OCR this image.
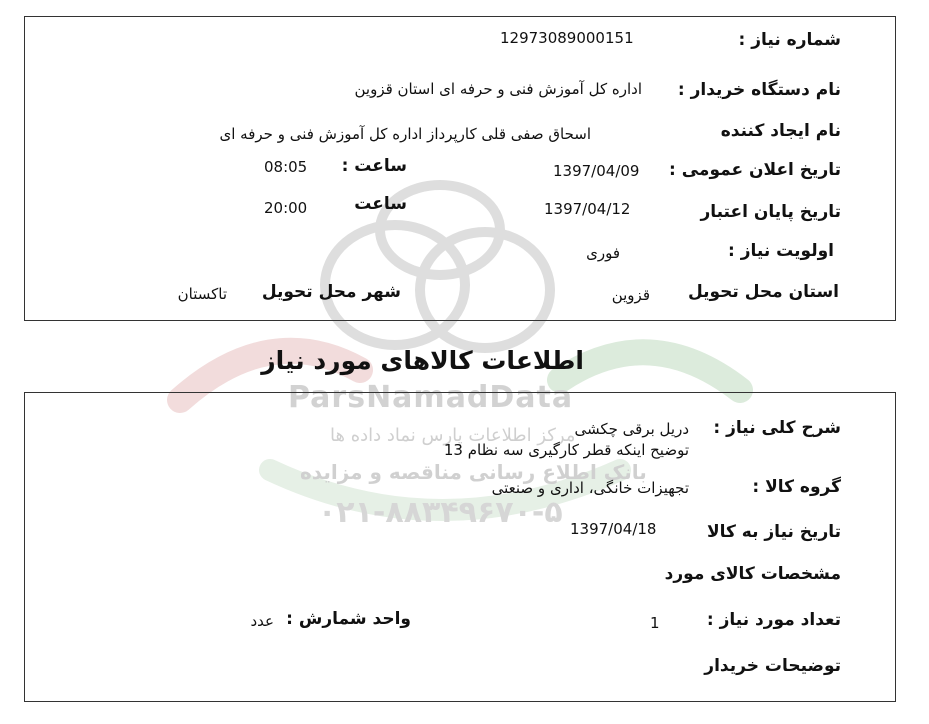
ParsNamadData
مرکز اطلاعات پارس نماد داده ها
بانک اطلاع رسانی مناقصه و مزایده
۰۲۱-۸۸۳۴۹۶۷۰-۵
شماره نیاز :
12973089000151
نام دستگاه خریدار :
اداره کل آموزش فنی و حرفه ای استان قزوین
نام ایجاد کننده
اسحاق صفی قلی کارپرداز اداره کل آموزش فنی و حرفه ای
تاریخ اعلان عمومی :
1397/04/09
ساعت :
08:05
تاریخ پایان اعتبار
1397/04/12
ساعت
20:00
اولویت نیاز :
فوری
استان محل تحویل
قزوین
شهر محل تحویل
تاکستان
اطلاعات کالاهای مورد نیاز
شرح کلی نیاز :
دریل برقی چکشی
توضیح اینکه قطر کارگیری سه نظام 13
گروه کالا :
تجهیزات خانگی، اداری و صنعتی
تاریخ نیاز به کالا
1397/04/18
مشخصات کالای مورد
تعداد مورد نیاز :
1
واحد شمارش :
عدد
توضیحات خریدار
